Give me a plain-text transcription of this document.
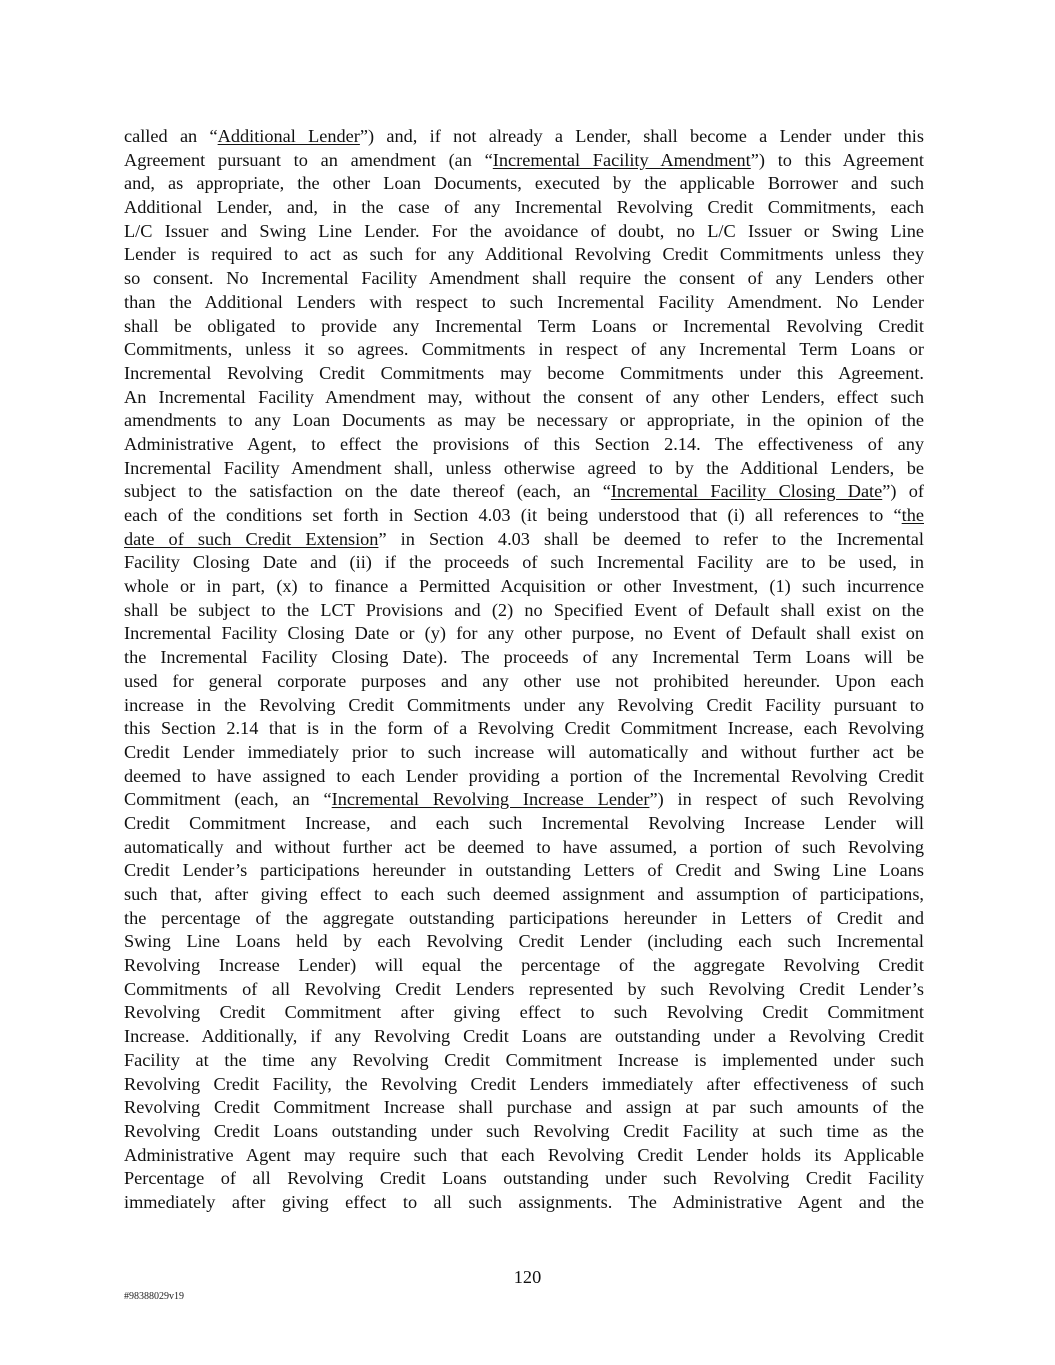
called an “Additional Lender”) and, if not already a Lender, shall become a Lender under this
Agreement pursuant to an amendment (an “Incremental Facility Amendment”) to this Agreement
and, as appropriate, the other Loan Documents, executed by the applicable Borrower and such
Additional Lender, and, in the case of any Incremental Revolving Credit Commitments, each
L/C Issuer and Swing Line Lender. For the avoidance of doubt, no L/C Issuer or Swing Line
Lender is required to act as such for any Additional Revolving Credit Commitments unless they
so consent. No Incremental Facility Amendment shall require the consent of any Lenders other
than the Additional Lenders with respect to such Incremental Facility Amendment. No Lender
shall be obligated to provide any Incremental Term Loans or Incremental Revolving Credit
Commitments, unless it so agrees. Commitments in respect of any Incremental Term Loans or
Incremental Revolving Credit Commitments may become Commitments under this Agreement.
An Incremental Facility Amendment may, without the consent of any other Lenders, effect such
amendments to any Loan Documents as may be necessary or appropriate, in the opinion of the
Administrative Agent, to effect the provisions of this Section 2.14. The effectiveness of any
Incremental Facility Amendment shall, unless otherwise agreed to by the Additional Lenders, be
subject to the satisfaction on the date thereof (each, an “Incremental Facility Closing Date”) of
each of the conditions set forth in Section 4.03 (it being understood that (i) all references to “the
date of such Credit Extension” in Section 4.03 shall be deemed to refer to the Incremental
Facility Closing Date and (ii) if the proceeds of such Incremental Facility are to be used, in
whole or in part, (x) to finance a Permitted Acquisition or other Investment, (1) such incurrence
shall be subject to the LCT Provisions and (2) no Specified Event of Default shall exist on the
Incremental Facility Closing Date or (y) for any other purpose, no Event of Default shall exist on
the Incremental Facility Closing Date). The proceeds of any Incremental Term Loans will be
used for general corporate purposes and any other use not prohibited hereunder. Upon each
increase in the Revolving Credit Commitments under any Revolving Credit Facility pursuant to
this Section 2.14 that is in the form of a Revolving Credit Commitment Increase, each Revolving
Credit Lender immediately prior to such increase will automatically and without further act be
deemed to have assigned to each Lender providing a portion of the Incremental Revolving Credit
Commitment (each, an “Incremental Revolving Increase Lender”) in respect of such Revolving
Credit Commitment Increase, and each such Incremental Revolving Increase Lender will
automatically and without further act be deemed to have assumed, a portion of such Revolving
Credit Lender’s participations hereunder in outstanding Letters of Credit and Swing Line Loans
such that, after giving effect to each such deemed assignment and assumption of participations,
the percentage of the aggregate outstanding participations hereunder in Letters of Credit and
Swing Line Loans held by each Revolving Credit Lender (including each such Incremental
Revolving Increase Lender) will equal the percentage of the aggregate Revolving Credit
Commitments of all Revolving Credit Lenders represented by such Revolving Credit Lender’s
Revolving Credit Commitment after giving effect to such Revolving Credit Commitment
Increase. Additionally, if any Revolving Credit Loans are outstanding under a Revolving Credit
Facility at the time any Revolving Credit Commitment Increase is implemented under such
Revolving Credit Facility, the Revolving Credit Lenders immediately after effectiveness of such
Revolving Credit Commitment Increase shall purchase and assign at par such amounts of the
Revolving Credit Loans outstanding under such Revolving Credit Facility at such time as the
Administrative Agent may require such that each Revolving Credit Lender holds its Applicable
Percentage of all Revolving Credit Loans outstanding under such Revolving Credit Facility
immediately after giving effect to all such assignments. The Administrative Agent and the
120
#98388029v19
